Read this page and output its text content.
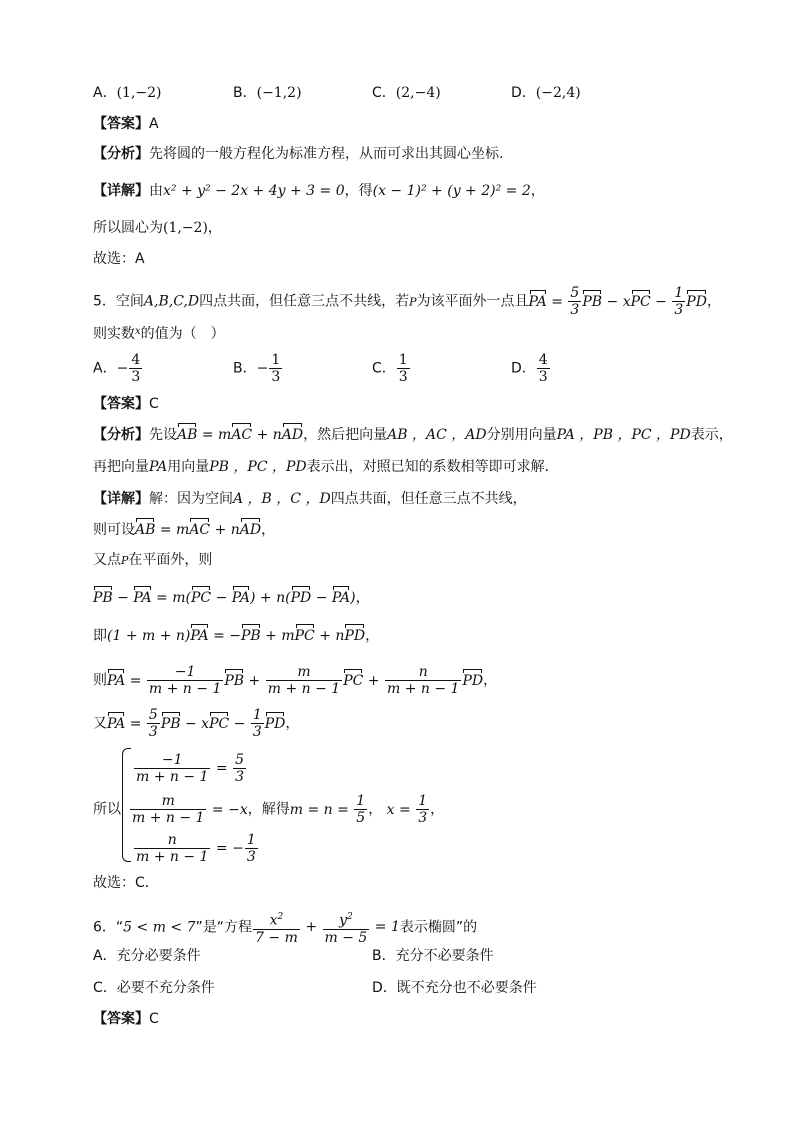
A．(1,−2)	B．(−1,2)	C．(2,−4)	D．(−2,4)
【答案】A
【分析】先将圆的一般方程化为标准方程，从而可求出其圆心坐标.
【详解】由x² + y² − 2x + 4y + 3 = 0，得(x − 1)² + (y + 2)² = 2，
所以圆心为(1,−2)，
故选：A
5．空间A,B,C,D四点共面，但任意三点不共线，若P为该平面外一点且PA = $\frac{5}{3}$ PB − xPC − $\frac{1}{3}$ PD，
则实数$^x$的值为（　）
A．− $\frac{4}{3}$	B．− $\frac{1}{3}$	C． $\frac{1}{3}$	D． $\frac{4}{3}$
【答案】C
【分析】先设AB = mAC + nAD，然后把向量AB ，AC ，AD分别用向量PA ，PB ，PC ，PD表示，
再把向量PA用向量PB ，PC ，PD表示出，对照已知的系数相等即可求解．
【详解】解：因为空间A ，B ，C ，D四点共面，但任意三点不共线，
则可设AB = mAC + nAD，
又点P在平面外，则
PB − PA = m(PC − PA) + n(PD − PA)，
即(1 + m + n)PA = −PB + mPC + nPD，
则PA = $\frac{-1}{m + n - 1}$ PB + $\frac{m}{m + n - 1}$ PC + $\frac{n}{m + n - 1}$ PD，
又PA = $\frac{5}{3}$ PB − xPC − $\frac{1}{3}$ PD，
$\frac{-1}{m + n - 1} = \frac{5}{3}$
所以 $\frac{m}{m + n - 1} = -x$，解得$m = n = \frac{1}{5}$ ， $x = \frac{1}{3}$ ，
$\frac{n}{m + n - 1}$ = − $\frac{1}{3}$
故选：C．
6．“5 < m < 7”是“方程 $\frac{x^2}{7 - m} + \frac{y^2}{m - 5} = 1$表示椭圆”的
A．充分必要条件	B．充分不必要条件
C．必要不充分条件	D．既不充分也不必要条件
【答案】C
